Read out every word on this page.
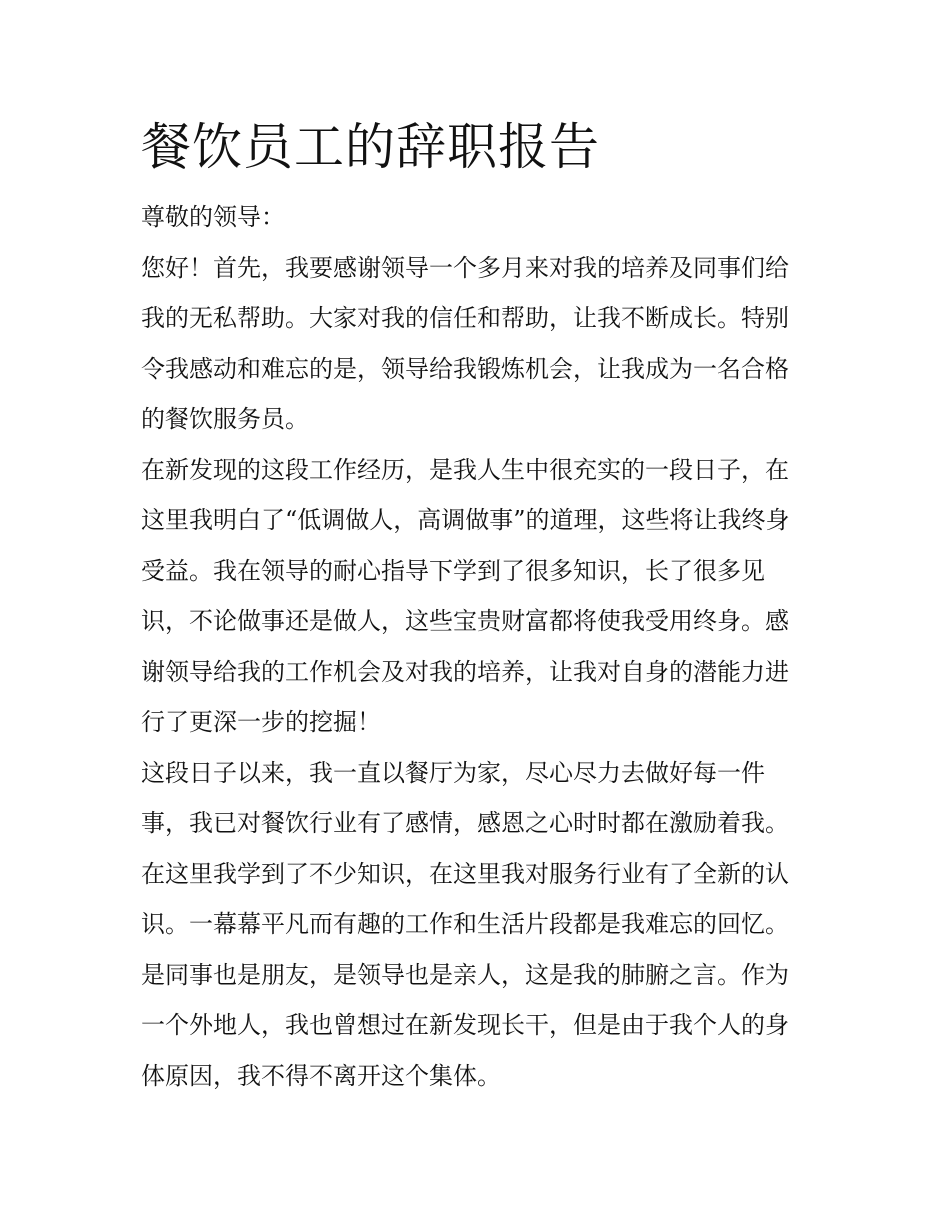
餐饮员工的辞职报告
尊敬的领导：
您好！首先，我要感谢领导一个多月来对我的培养及同事们给
我的无私帮助。大家对我的信任和帮助，让我不断成长。特别
令我感动和难忘的是，领导给我锻炼机会，让我成为一名合格
的餐饮服务员。
在新发现的这段工作经历，是我人生中很充实的一段日子，在
这里我明白了“低调做人，高调做事”的道理，这些将让我终身
受益。我在领导的耐心指导下学到了很多知识，长了很多见
识，不论做事还是做人，这些宝贵财富都将使我受用终身。感
谢领导给我的工作机会及对我的培养，让我对自身的潜能力进
行了更深一步的挖掘！
这段日子以来，我一直以餐厅为家，尽心尽力去做好每一件
事，我已对餐饮行业有了感情，感恩之心时时都在激励着我。
在这里我学到了不少知识，在这里我对服务行业有了全新的认
识。一幕幕平凡而有趣的工作和生活片段都是我难忘的回忆。
是同事也是朋友，是领导也是亲人，这是我的肺腑之言。作为
一个外地人，我也曾想过在新发现长干，但是由于我个人的身
体原因，我不得不离开这个集体。
